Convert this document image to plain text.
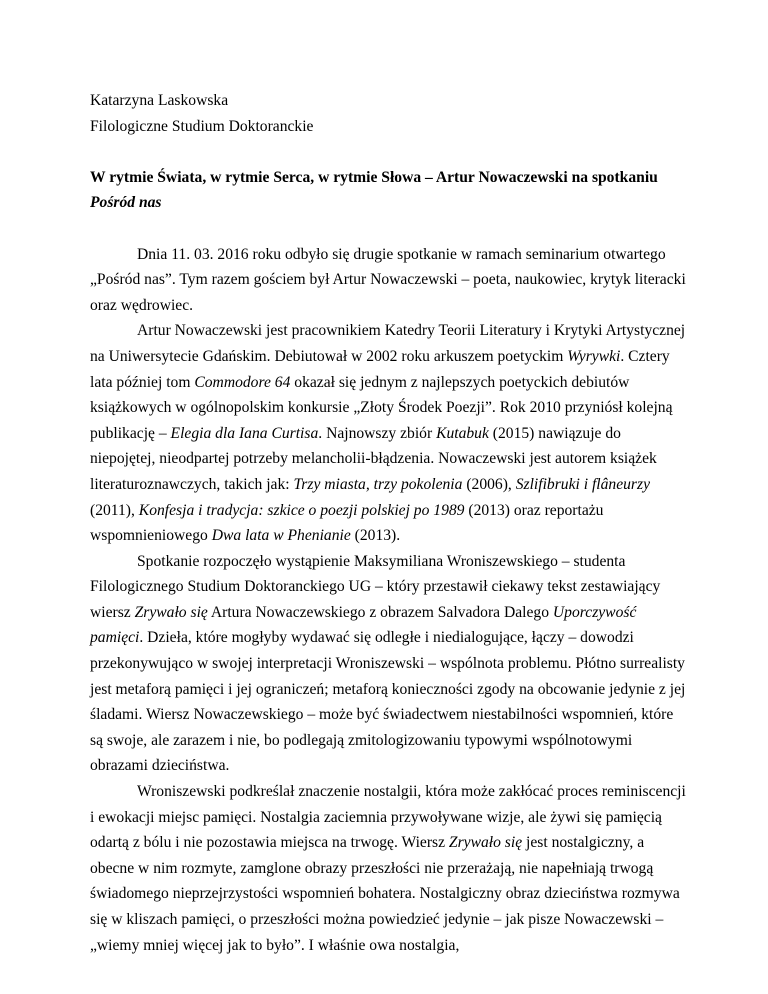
Katarzyna Laskowska

Filologiczne Studium Doktoranckie

W rytmie Świata, w rytmie Serca, w rytmie Słowa – Artur Nowaczewski na spotkaniu
Pośród nas

Dnia 11. 03. 2016 roku odbyło się drugie spotkanie w ramach seminarium otwartego „Pośród nas”. Tym razem gościem był Artur Nowaczewski – poeta, naukowiec, krytyk literacki oraz wędrowiec.

Artur Nowaczewski jest pracownikiem Katedry Teorii Literatury i Krytyki Artystycznej na Uniwersytecie Gdańskim. Debiutował w 2002 roku arkuszem poetyckim Wyrywki. Cztery lata później tom Commodore 64 okazał się jednym z najlepszych poetyckich debiutów książkowych w ogólnopolskim konkursie „Złoty Środek Poezji”. Rok 2010 przyniósł kolejną publikację – Elegia dla Iana Curtisa. Najnowszy zbiór Kutabuk (2015) nawiązuje do niepojętej, nieodpartej potrzeby melancholii-błądzenia. Nowaczewski jest autorem książek literaturoznawczych, takich jak: Trzy miasta, trzy pokolenia (2006), Szlifibruki i flâneurzy (2011), Konfesja i tradycja: szkice o poezji polskiej po 1989 (2013) oraz reportażu wspomnieniowego Dwa lata w Phenianie (2013).

Spotkanie rozpoczęło wystąpienie Maksymiliana Wroniszewskiego – studenta Filologicznego Studium Doktoranckiego UG – który przestawił ciekawy tekst zestawiający wiersz Zrywało się Artura Nowaczewskiego z obrazem Salvadora Dalego Uporczywość pamięci. Dzieła, które mogłyby wydawać się odległe i niedialogujące, łączy – dowodzi przekonywująco w swojej interpretacji Wroniszewski – wspólnota problemu. Płótno surrealisty jest metaforą pamięci i jej ograniczeń; metaforą konieczności zgody na obcowanie jedynie z jej śladami. Wiersz Nowaczewskiego – może być świadectwem niestabilności wspomnień, które są swoje, ale zarazem i nie, bo podlegają zmitologizowaniu typowymi wspólnotowymi obrazami dzieciństwa.

Wroniszewski podkreślał znaczenie nostalgii, która może zakłócać proces reminiscencji i ewokacji miejsc pamięci. Nostalgia zaciemnia przywoływane wizje, ale żywi się pamięcią odartą z bólu i nie pozostawia miejsca na trwogę. Wiersz Zrywało się jest nostalgiczny, a obecne w nim rozmyte, zamglone obrazy przeszłości nie przerażają, nie napełniają trwogą świadomego nieprzejrzystości wspomnień bohatera. Nostalgiczny obraz dzieciństwa rozmywa się w kliszach pamięci, o przeszłości można powiedzieć jedynie – jak pisze Nowaczewski – „wiemy mniej więcej jak to było”. I właśnie owa nostalgia,
